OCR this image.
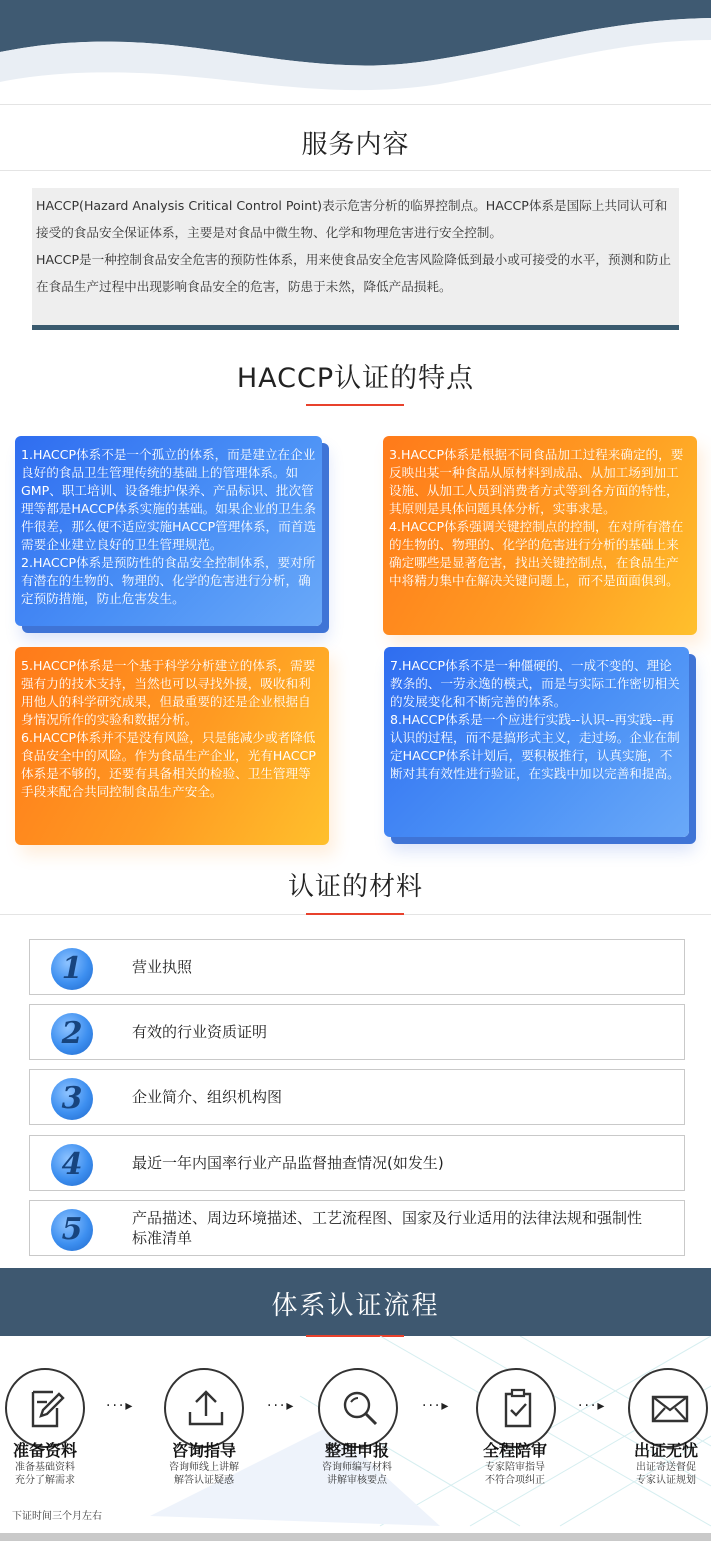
服务内容

HACCP(Hazard Analysis Critical Control Point)表示危害分析的临界控制点。HACCP体系是国际上共同认可和接受的食品安全保证体系，主要是对食品中微生物、化学和物理危害进行安全控制。

HACCP是一种控制食品安全危害的预防性体系，用来使食品安全危害风险降低到最小或可接受的水平，预测和防止在食品生产过程中出现影响食品安全的危害，防患于未然，降低产品损耗。

HACCP认证的特点

1.HACCP体系不是一个孤立的体系，而是建立在企业良好的食品卫生管理传统的基础上的管理体系。如GMP、职工培训、设备维护保养、产品标识、批次管理等都是HACCP体系实施的基础。如果企业的卫生条件很差，那么便不适应实施HACCP管理体系，而首选需要企业建立良好的卫生管理规范。

2.HACCP体系是预防性的食品安全控制体系，要对所有潜在的生物的、物理的、化学的危害进行分析，确定预防措施，防止危害发生。

3.HACCP体系是根据不同食品加工过程来确定的，要反映出某一种食品从原材料到成品、从加工场到加工设施、从加工人员到消费者方式等到各方面的特性，其原则是具体问题具体分析，实事求是。

4.HACCP体系强调关键控制点的控制，在对所有潜在的生物的、物理的、化学的危害进行分析的基础上来确定哪些是显著危害，找出关键控制点，在食品生产中将精力集中在解决关键问题上，而不是面面俱到。

5.HACCP体系是一个基于科学分析建立的体系，需要强有力的技术支持，当然也可以寻找外援，吸收和利用他人的科学研究成果，但最重要的还是企业根据自身情况所作的实验和数据分析。

6.HACCP体系并不是没有风险，只是能减少或者降低食品安全中的风险。作为食品生产企业，光有HACCP体系是不够的，还要有具备相关的检验、卫生管理等手段来配合共同控制食品生产安全。

7.HACCP体系不是一种僵硬的、一成不变的、理论教条的、一劳永逸的模式，而是与实际工作密切相关的发展变化和不断完善的体系。

8.HACCP体系是一个应进行实践--认识--再实践--再认识的过程，而不是搞形式主义，走过场。企业在制定HACCP体系计划后，要积极推行，认真实施，不断对其有效性进行验证，在实践中加以完善和提高。

认证的材料
1	营业执照
2	有效的行业资质证明
3	企业简介、组织机构图
4	最近一年内国率行业产品监督抽查情况(如发生)
5	产品描述、周边环境描述、工艺流程图、国家及行业适用的法律法规和强制性标准清单
体系认证流程
···▸	···▸	···▸	···▸
准备资料
准备基础资料
充分了解需求
咨询指导
咨询师线上讲解
解答认证疑惑
整理申报
咨询师编写材料
讲解审核要点
全程陪审
专家陪审指导
不符合项纠正
出证无忧
出证寄送督促
专家认证规划
下证时间三个月左右
